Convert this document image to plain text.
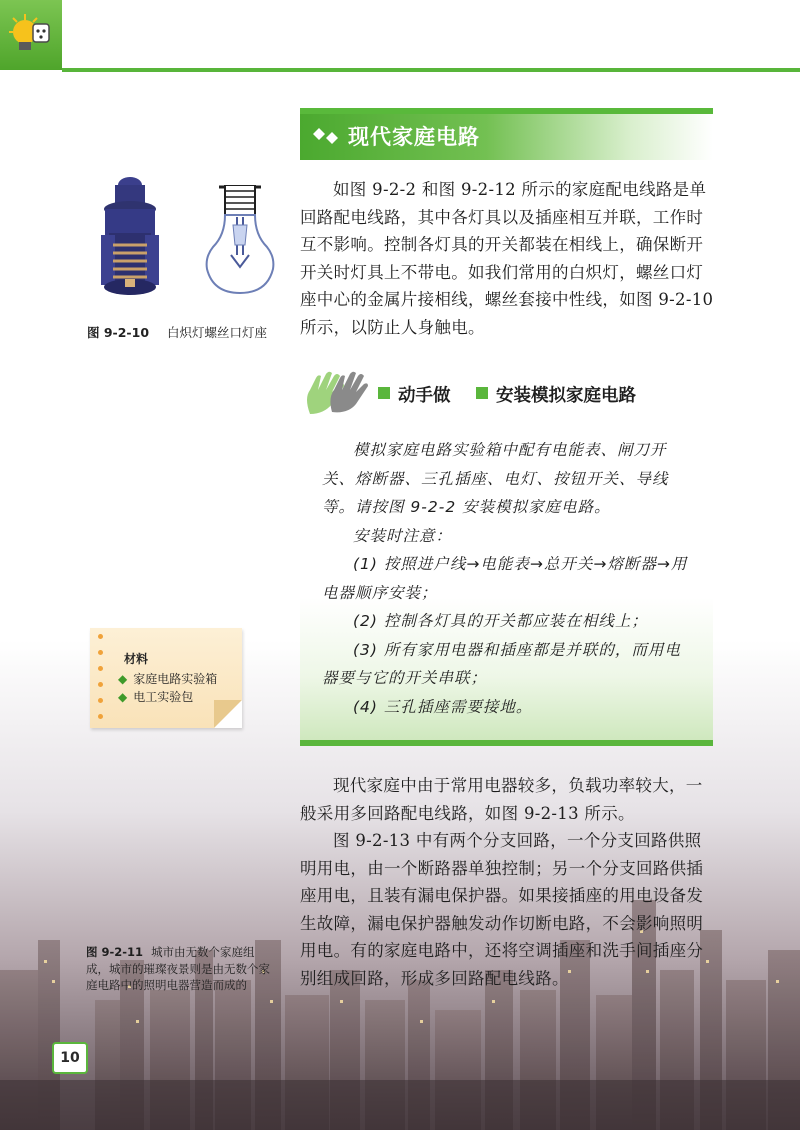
现代家庭电路

如图 9-2-2 和图 9-2-12 所示的家庭配电线路是单回路配电线路，其中各灯具以及插座相互并联，工作时互不影响。控制各灯具的开关都装在相线上，确保断开开关时灯具上不带电。如我们常用的白炽灯，螺丝口灯座中心的金属片接相线，螺丝套接中性线，如图 9-2-10 所示，以防止人身触电。

图 9-2-10 白炽灯螺丝口灯座
动手做	安装模拟家庭电路

模拟家庭电路实验箱中配有电能表、闸刀开关、熔断器、三孔插座、电灯、按钮开关、导线等。请按图 9-2-2 安装模拟家庭电路。

安装时注意：

(1) 按照进户线→电能表→总开关→熔断器→用电器顺序安装；

(2) 控制各灯具的开关都应装在相线上；

(3) 所有家用电器和插座都是并联的，而用电器要与它的开关串联；

(4) 三孔插座需要接地。

材料
◆ 家庭电路实验箱
◆ 电工实验包

现代家庭中由于常用电器较多，负载功率较大，一般采用多回路配电线路，如图 9-2-13 所示。

图 9-2-13 中有两个分支回路，一个分支回路供照明用电，由一个断路器单独控制；另一个分支回路供插座用电，且装有漏电保护器。如果接插座的用电设备发生故障，漏电保护器触发动作切断电路，不会影响照明用电。有的家庭电路中，还将空调插座和洗手间插座分别组成回路，形成多回路配电线路。

图 9-2-11 城市由无数个家庭组成，城市的璀璨夜景则是由无数个家庭电路中的照明电器营造而成的
10
